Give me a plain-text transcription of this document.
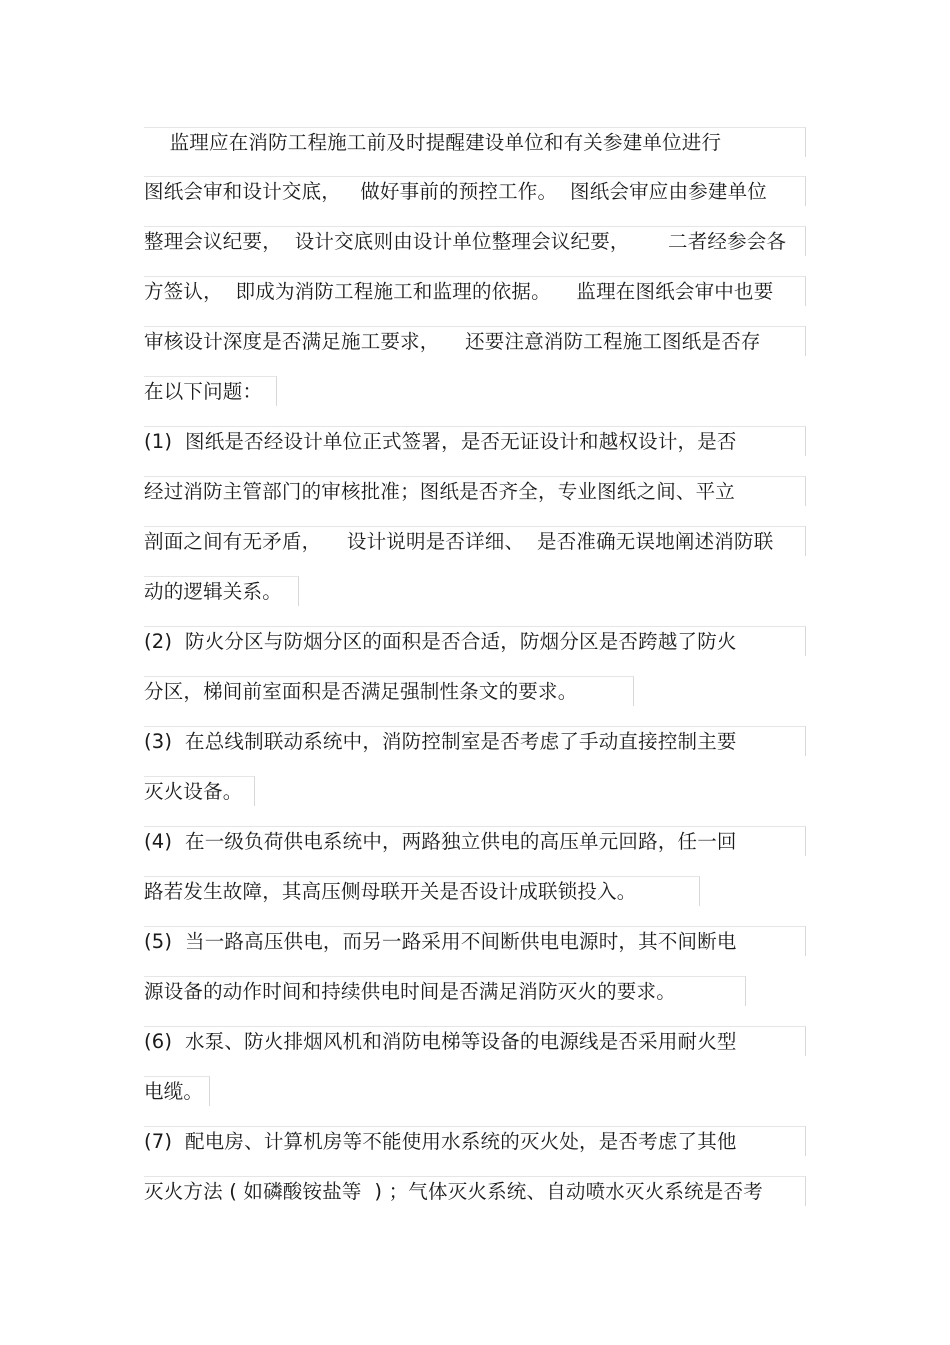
监理应在消防工程施工前及时提醒建设单位和有关参建单位进行
图纸会审和设计交底，   做好事前的预控工作。  图纸会审应由参建单位
整理会议纪要，  设计交底则由设计单位整理会议纪要，      二者经参会各
方签认，  即成为消防工程施工和监理的依据。    监理在图纸会审中也要
审核设计深度是否满足施工要求，    还要注意消防工程施工图纸是否存
在以下问题：
(1)  图纸是否经设计单位正式签署，是否无证设计和越权设计，是否
经过消防主管部门的审核批准；图纸是否齐全，专业图纸之间、平立
剖面之间有无矛盾，    设计说明是否详细、  是否准确无误地阐述消防联
动的逻辑关系。
(2)  防火分区与防烟分区的面积是否合适，防烟分区是否跨越了防火
分区，梯间前室面积是否满足强制性条文的要求。
(3)  在总线制联动系统中，消防控制室是否考虑了手动直接控制主要
灭火设备。
(4)  在一级负荷供电系统中，两路独立供电的高压单元回路，任一回
路若发生故障，其高压侧母联开关是否设计成联锁投入。
(5)  当一路高压供电，而另一路采用不间断供电电源时，其不间断电
源设备的动作时间和持续供电时间是否满足消防灭火的要求。
(6)  水泵、防火排烟风机和消防电梯等设备的电源线是否采用耐火型
电缆。
(7)  配电房、计算机房等不能使用水系统的灭火处，是否考虑了其他
灭火方法 ( 如磷酸铵盐等  ) ；气体灭火系统、自动喷水灭火系统是否考
